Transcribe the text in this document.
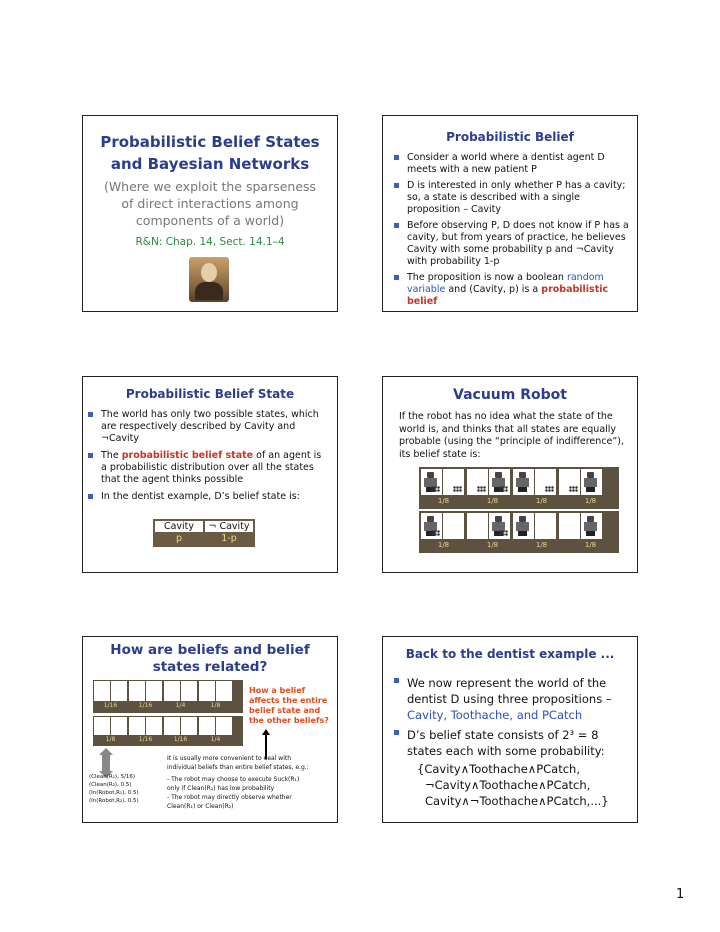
Probabilistic Belief States
and Bayesian Networks
(Where we exploit the sparseness
of direct interactions among
components of a world)
R&N: Chap. 14, Sect. 14.1–4
Probabilistic Belief
Consider a world where a dentist agent D meets with a new patient P
D is interested in only whether P has a cavity; so, a state is described with a single proposition – Cavity
Before observing P, D does not know if P has a cavity, but from years of practice, he believes Cavity with some probability p and ¬Cavity with probability 1-p
The proposition is now a boolean random variable and (Cavity, p) is a probabilistic belief
Probabilistic Belief State
The world has only two possible states, which are respectively described by Cavity and ¬Cavity
The probabilistic belief state of an agent is a probabilistic distribution over all the states that the agent thinks possible
In the dentist example, D’s belief state is:
Cavity	¬ Cavity
p	1-p
Vacuum Robot
If the robot has no idea what the state of the world is, and thinks that all states are equally probable (using the “principle of indifference”), its belief state is:
1/8	1/8	1/8	1/8
1/8	1/8	1/8	1/8
How are beliefs and belief
states related?
1/16	1/16	1/4	1/8
1/8	1/16	1/16	1/4
How a belief
affects the entire
belief state and
the other beliefs?
It is usually more convenient to deal with
individual beliefs than entire belief states, e.g.:
(Clean(R₁), 5/16)
(Clean(R₂), 0.5)
(In(Robot,R₁), 0.5)
(In(Robot,R₂), 0.5)
- The robot may choose to execute Suck(R₁)
only if Clean(R₁) has low probability
- The robot may directly observe whether
Clean(R₁) or Clean(R₂)
Back to the dentist example ...
We now represent the world of the dentist D using three propositions –
Cavity, Toothache, and PCatch
D’s belief state consists of 2³ = 8 states each with some probability:
{Cavity∧Toothache∧PCatch,
¬Cavity∧Toothache∧PCatch,
Cavity∧¬Toothache∧PCatch,...}
1
